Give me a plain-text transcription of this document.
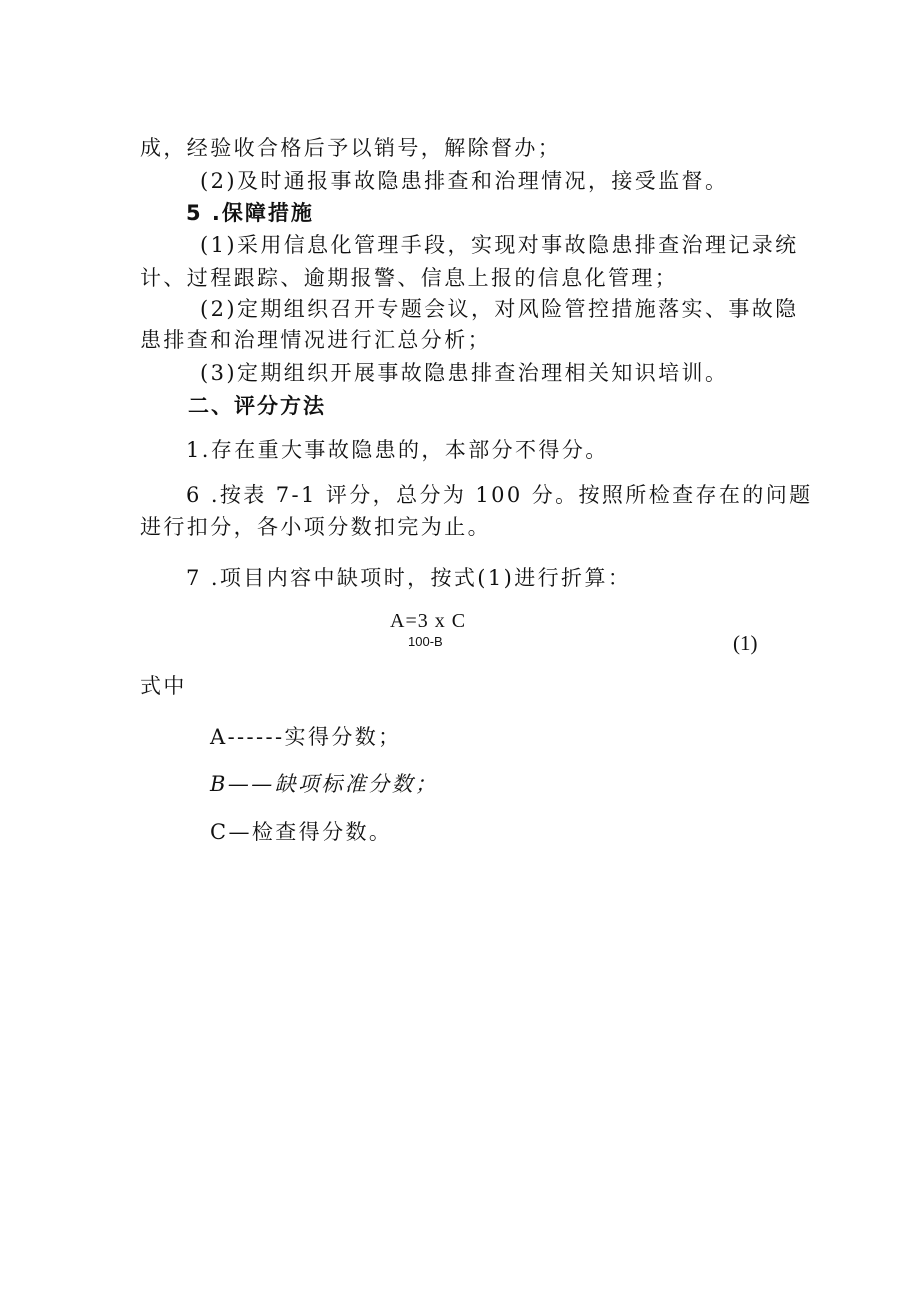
成，经验收合格后予以销号，解除督办；
(2)及时通报事故隐患排查和治理情况，接受监督。
5 .保障措施
(1)采用信息化管理手段，实现对事故隐患排查治理记录统
计、过程跟踪、逾期报警、信息上报的信息化管理；
(2)定期组织召开专题会议，对风险管控措施落实、事故隐
患排查和治理情况进行汇总分析；
(3)定期组织开展事故隐患排查治理相关知识培训。
二、评分方法
1.存在重大事故隐患的，本部分不得分。
6 .按表 7-1 评分，总分为 100 分。按照所检查存在的问题
进行扣分，各小项分数扣完为止。
7 .项目内容中缺项时，按式(1)进行折算：
A=3 x C
100-B	(1)
式中
A------实得分数；
B——缺项标准分数；
C—检查得分数。
